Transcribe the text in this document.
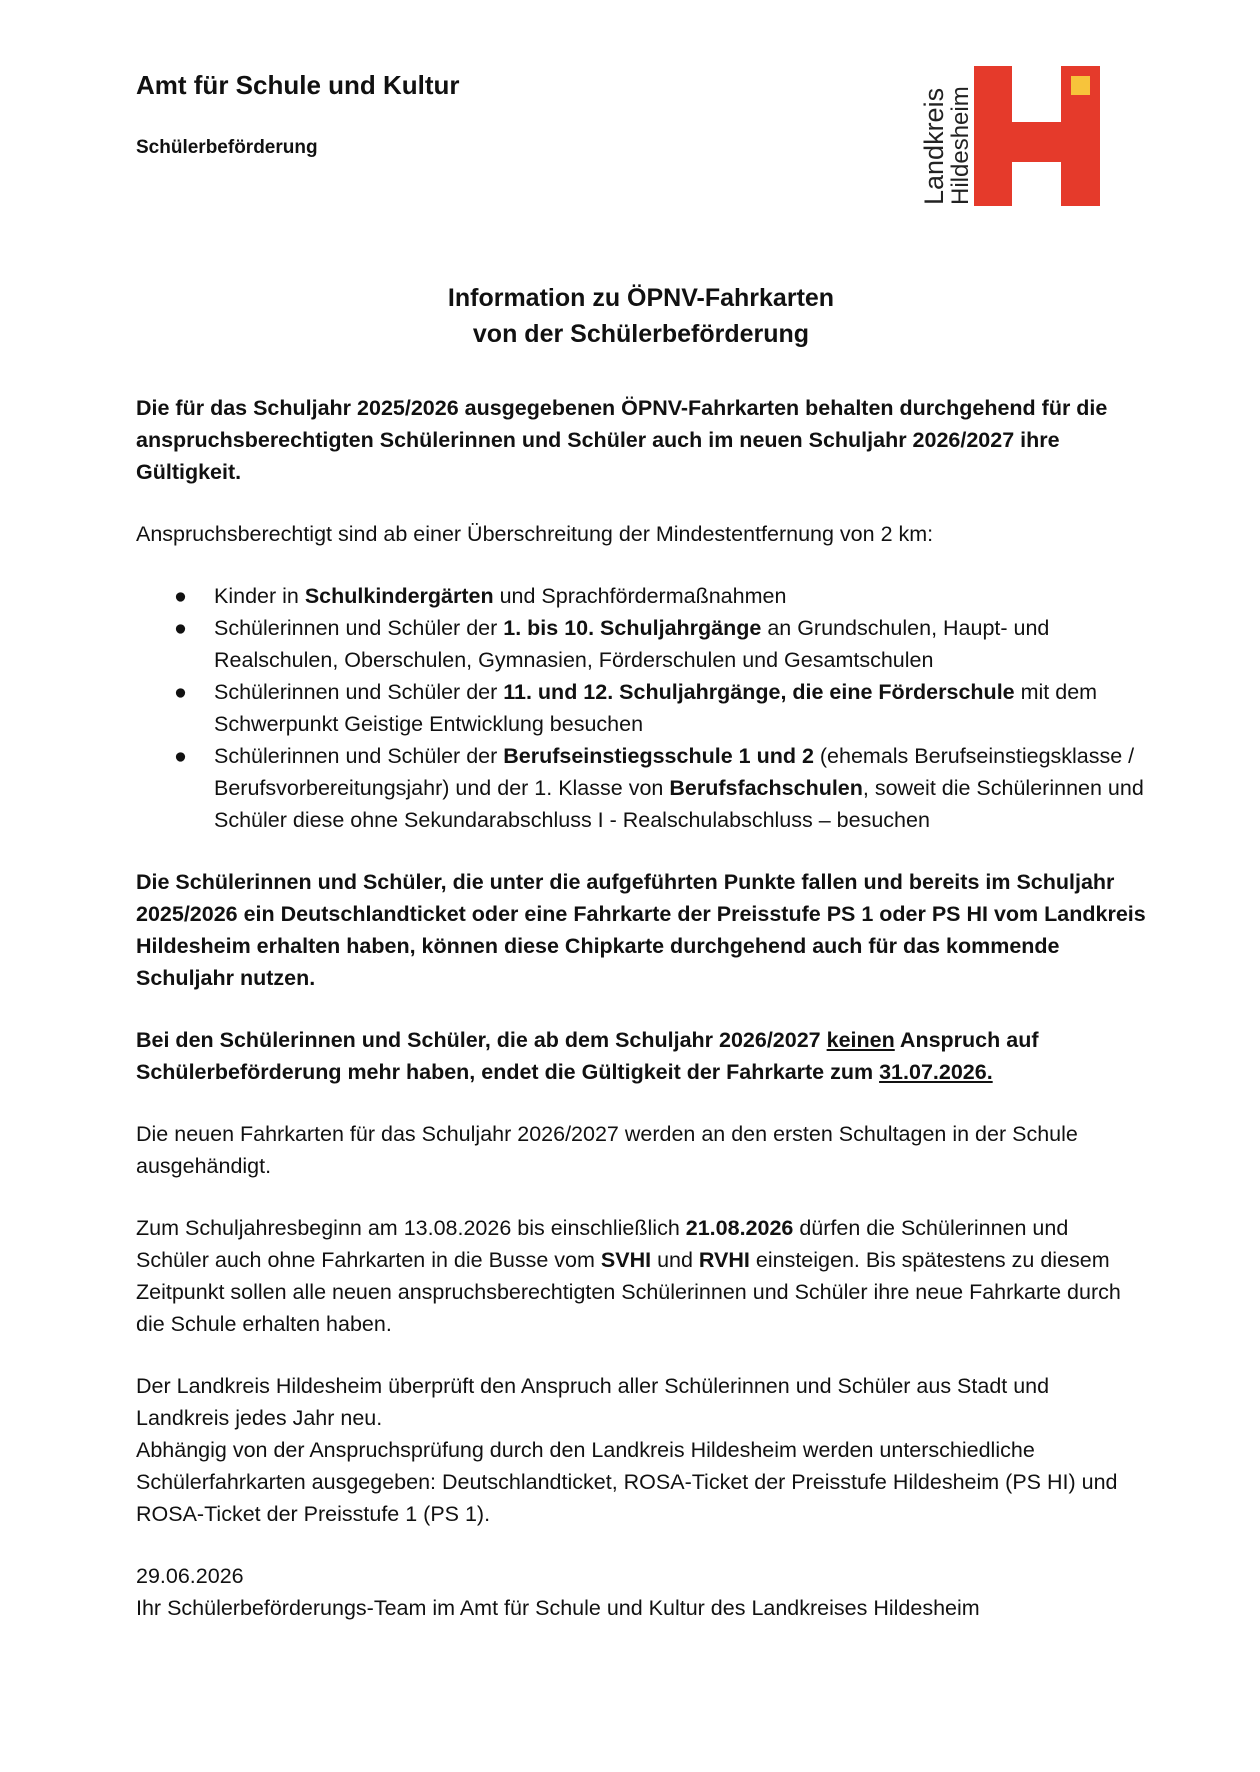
Amt für Schule und Kultur

Schülerbeförderung	Landkreis
Hildesheim
Information zu ÖPNV-Fahrkarten
von der Schülerbeförderung

Die für das Schuljahr 2025/2026 ausgegebenen ÖPNV-Fahrkarten behalten durchgehend für die anspruchsberechtigten Schülerinnen und Schüler auch im neuen Schuljahr 2026/2027 ihre Gültigkeit.

Anspruchsberechtigt sind ab einer Überschreitung der Mindestentfernung von 2 km:

● Kinder in Schulkindergärten und Sprachfördermaßnahmen
● Schülerinnen und Schüler der 1. bis 10. Schuljahrgänge an Grundschulen, Haupt- und Realschulen, Oberschulen, Gymnasien, Förderschulen und Gesamtschulen
● Schülerinnen und Schüler der 11. und 12. Schuljahrgänge, die eine Förderschule mit dem Schwerpunkt Geistige Entwicklung besuchen
● Schülerinnen und Schüler der Berufseinstiegsschule 1 und 2 (ehemals Berufseinstiegsklasse / Berufsvorbereitungsjahr) und der 1. Klasse von Berufsfachschulen, soweit die Schülerinnen und Schüler diese ohne Sekundarabschluss I - Realschulabschluss – besuchen

Die Schülerinnen und Schüler, die unter die aufgeführten Punkte fallen und bereits im Schuljahr 2025/2026 ein Deutschlandticket oder eine Fahrkarte der Preisstufe PS 1 oder PS HI vom Landkreis Hildesheim erhalten haben, können diese Chipkarte durchgehend auch für das kommende Schuljahr nutzen.

Bei den Schülerinnen und Schüler, die ab dem Schuljahr 2026/2027 keinen Anspruch auf Schülerbeförderung mehr haben, endet die Gültigkeit der Fahrkarte zum 31.07.2026.

Die neuen Fahrkarten für das Schuljahr 2026/2027 werden an den ersten Schultagen in der Schule ausgehändigt.

Zum Schuljahresbeginn am 13.08.2026 bis einschließlich 21.08.2026 dürfen die Schülerinnen und Schüler auch ohne Fahrkarten in die Busse vom SVHI und RVHI einsteigen. Bis spätestens zu diesem Zeitpunkt sollen alle neuen anspruchsberechtigten Schülerinnen und Schüler ihre neue Fahrkarte durch die Schule erhalten haben.

Der Landkreis Hildesheim überprüft den Anspruch aller Schülerinnen und Schüler aus Stadt und Landkreis jedes Jahr neu.

Abhängig von der Anspruchsprüfung durch den Landkreis Hildesheim werden unterschiedliche Schülerfahrkarten ausgegeben: Deutschlandticket, ROSA-Ticket der Preisstufe Hildesheim (PS HI) und ROSA-Ticket der Preisstufe 1 (PS 1).

29.06.2026

Ihr Schülerbeförderungs-Team im Amt für Schule und Kultur des Landkreises Hildesheim
